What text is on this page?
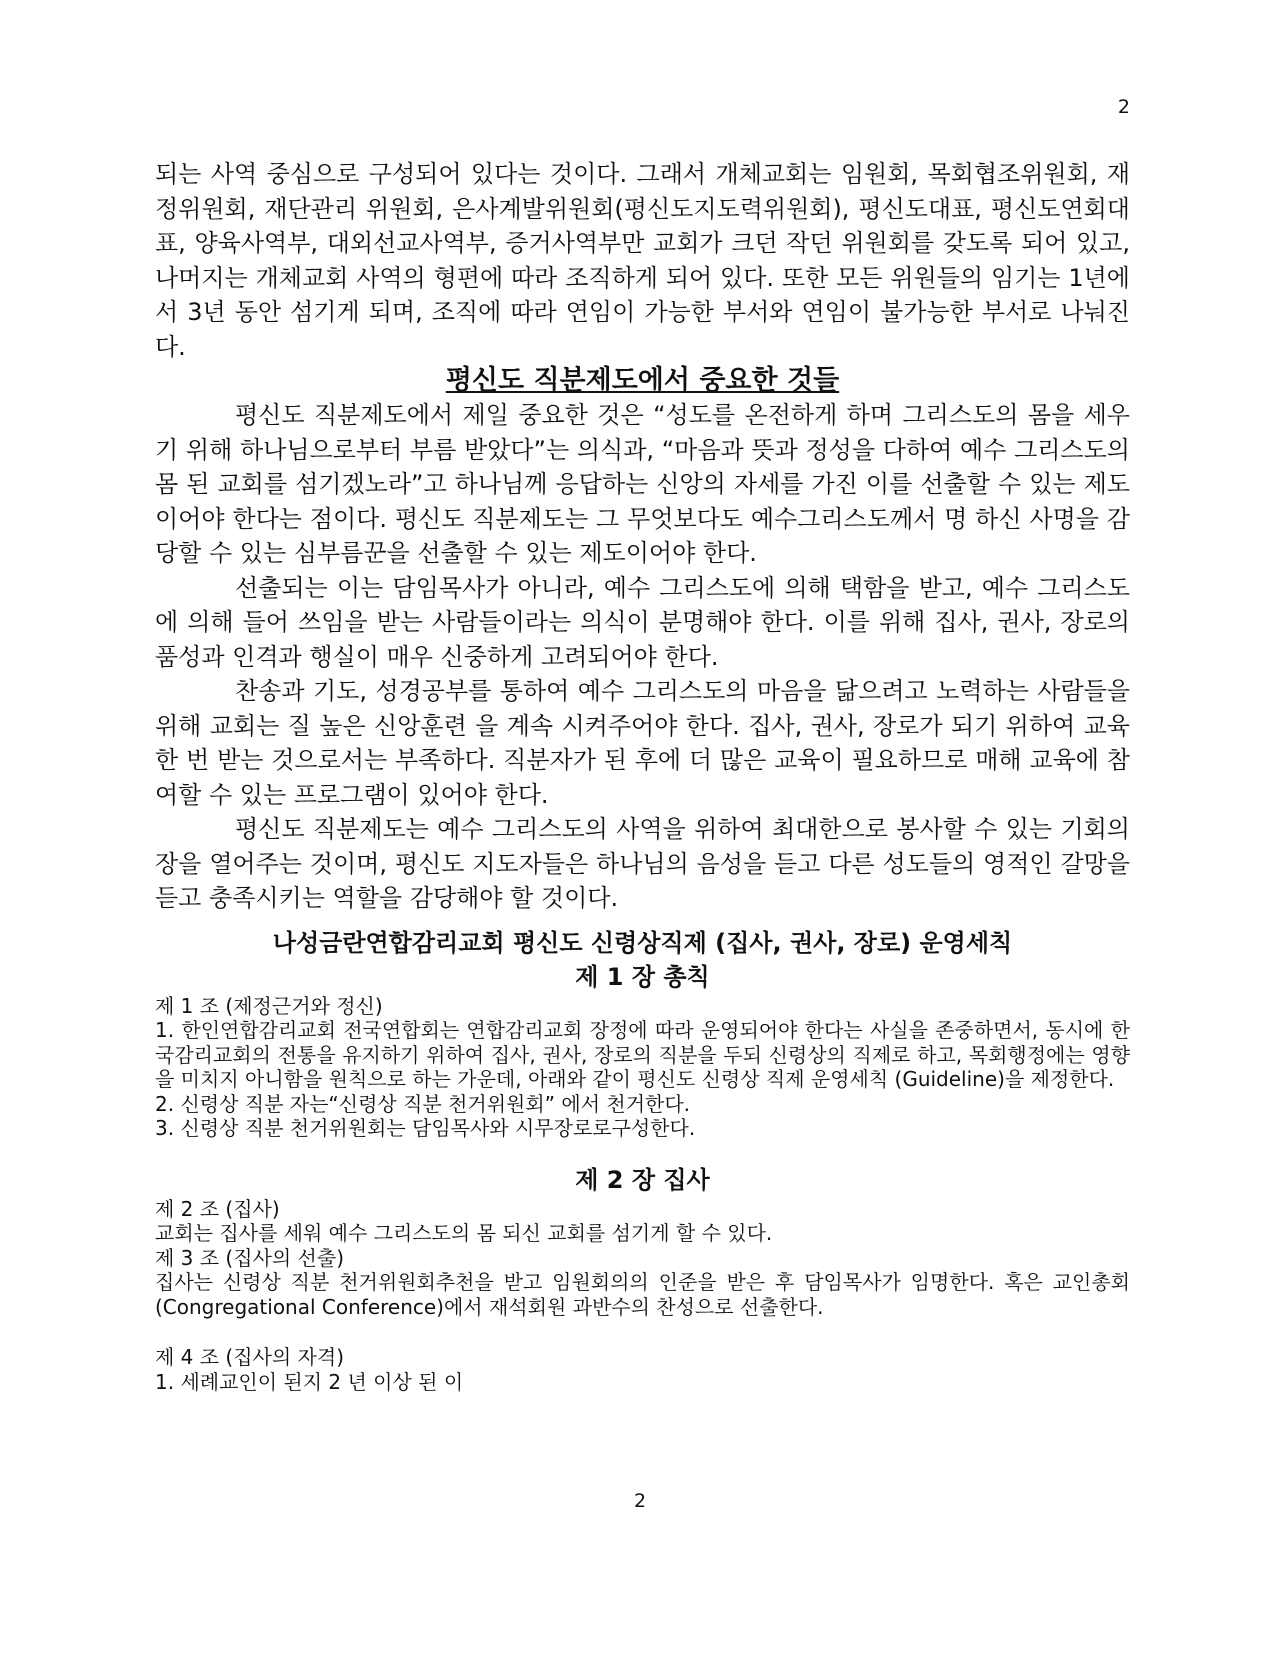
2

되는 사역 중심으로 구성되어 있다는 것이다. 그래서 개체교회는 임원회, 목회협조위원회, 재정위원회, 재단관리 위원회, 은사계발위원회(평신도지도력위원회), 평신도대표, 평신도연회대표, 양육사역부, 대외선교사역부, 증거사역부만 교회가 크던 작던 위원회를 갖도록 되어 있고, 나머지는 개체교회 사역의 형편에 따라 조직하게 되어 있다. 또한 모든 위원들의 임기는 1년에서 3년 동안 섬기게 되며, 조직에 따라 연임이 가능한 부서와 연임이 불가능한 부서로 나눠진다.

평신도 직분제도에서 중요한 것들

평신도 직분제도에서 제일 중요한 것은 “성도를 온전하게 하며 그리스도의 몸을 세우기 위해 하나님으로부터 부름 받았다”는 의식과, “마음과 뜻과 정성을 다하여 예수 그리스도의 몸 된 교회를 섬기겠노라”고 하나님께 응답하는 신앙의 자세를 가진 이를 선출할 수 있는 제도이어야 한다는 점이다. 평신도 직분제도는 그 무엇보다도 예수그리스도께서 명 하신 사명을 감당할 수 있는 심부름꾼을 선출할 수 있는 제도이어야 한다.

선출되는 이는 담임목사가 아니라, 예수 그리스도에 의해 택함을 받고, 예수 그리스도에 의해 들어 쓰임을 받는 사람들이라는 의식이 분명해야 한다. 이를 위해 집사, 권사, 장로의 품성과 인격과 행실이 매우 신중하게 고려되어야 한다.

찬송과 기도, 성경공부를 통하여 예수 그리스도의 마음을 닮으려고 노력하는 사람들을 위해 교회는 질 높은 신앙훈련 을 계속 시켜주어야 한다. 집사, 권사, 장로가 되기 위하여 교육 한 번 받는 것으로서는 부족하다. 직분자가 된 후에 더 많은 교육이 필요하므로 매해 교육에 참여할 수 있는 프로그램이 있어야 한다.

평신도 직분제도는 예수 그리스도의 사역을 위하여 최대한으로 봉사할 수 있는 기회의 장을 열어주는 것이며, 평신도 지도자들은 하나님의 음성을 듣고 다른 성도들의 영적인 갈망을 듣고 충족시키는 역할을 감당해야 할 것이다.

나성금란연합감리교회 평신도 신령상직제 (집사, 권사, 장로) 운영세칙
제 1 장 총칙

제 1 조 (제정근거와 정신)

1. 한인연합감리교회 전국연합회는 연합감리교회 장정에 따라 운영되어야 한다는 사실을 존중하면서, 동시에 한국감리교회의 전통을 유지하기 위하여 집사, 권사, 장로의 직분을 두되 신령상의 직제로 하고, 목회행정에는 영향을 미치지 아니함을 원칙으로 하는 가운데, 아래와 같이 평신도 신령상 직제 운영세칙 (Guideline)을 제정한다.

2. 신령상 직분 자는“신령상 직분 천거위원회” 에서 천거한다.

3. 신령상 직분 천거위원회는 담임목사와 시무장로로구성한다.

제 2 장 집사

제 2 조 (집사)

교회는 집사를 세워 예수 그리스도의 몸 되신 교회를 섬기게 할 수 있다.

제 3 조 (집사의 선출)

집사는 신령상 직분 천거위원회추천을 받고 임원회의의 인준을 받은 후 담임목사가 임명한다. 혹은 교인총회(Congregational Conference)에서 재석회원 과반수의 찬성으로 선출한다.

제 4 조 (집사의 자격)

1. 세례교인이 된지 2 년 이상 된 이

2
